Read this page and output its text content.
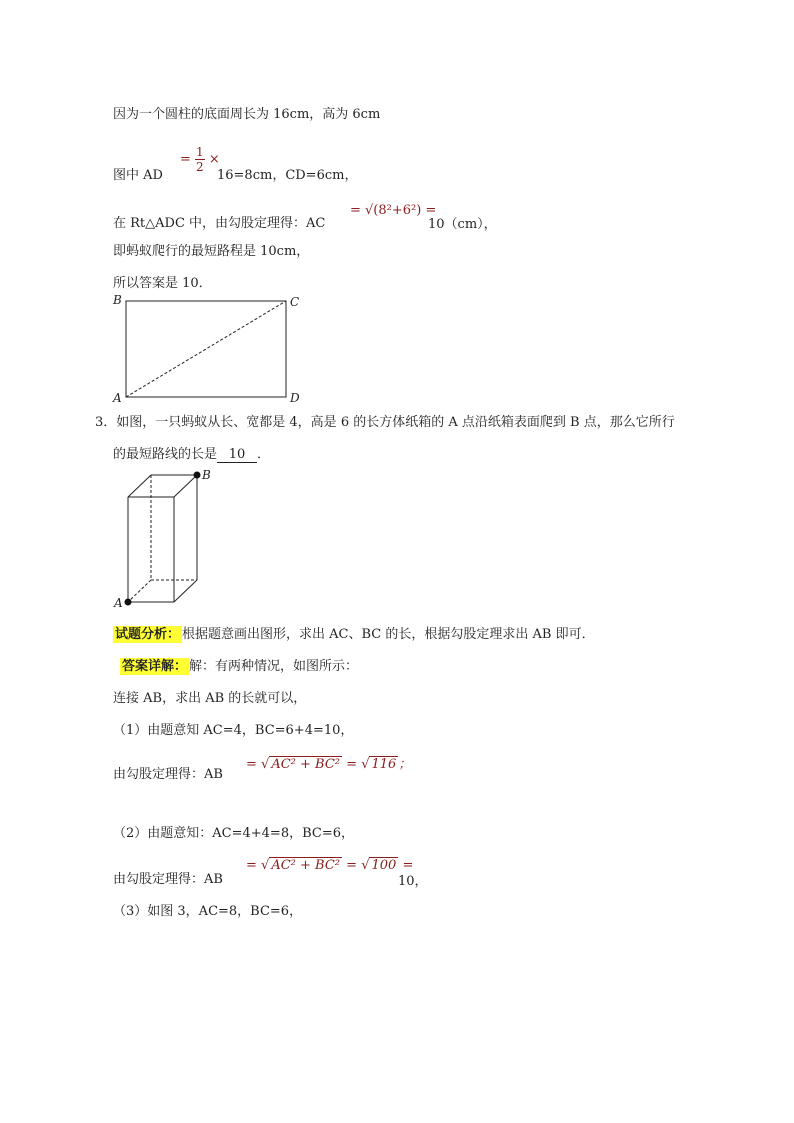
因为一个圆柱的底面周长为 16cm，高为 6cm
图中 AD
= $\frac{1}{2}$ ×
16=8cm，CD=6cm，
在 Rt△ADC 中，由勾股定理得：AC
= √(8²+6²) =
10（cm），
即蚂蚁爬行的最短路程是 10cm，
所以答案是 10．
B	C
A	D
3．如图，一只蚂蚁从长、宽都是 4，高是 6 的长方体纸箱的 A 点沿纸箱表面爬到 B 点，那么它所行
的最短路线的长是 10 ．
B
A
试题分析： 根据题意画出图形，求出 AC、BC 的长，根据勾股定理求出 AB 即可．
答案详解： 解：有两种情况，如图所示：
连接 AB，求出 AB 的长就可以，
（1）由题意知 AC=4，BC=6+4=10，
由勾股定理得：AB
= √ AC² + BC² = √ 116 ；
（2）由题意知：AC=4+4=8，BC=6，
由勾股定理得：AB
= √ AC² + BC² = √ 100 =
10，
（3）如图 3，AC=8，BC=6，
